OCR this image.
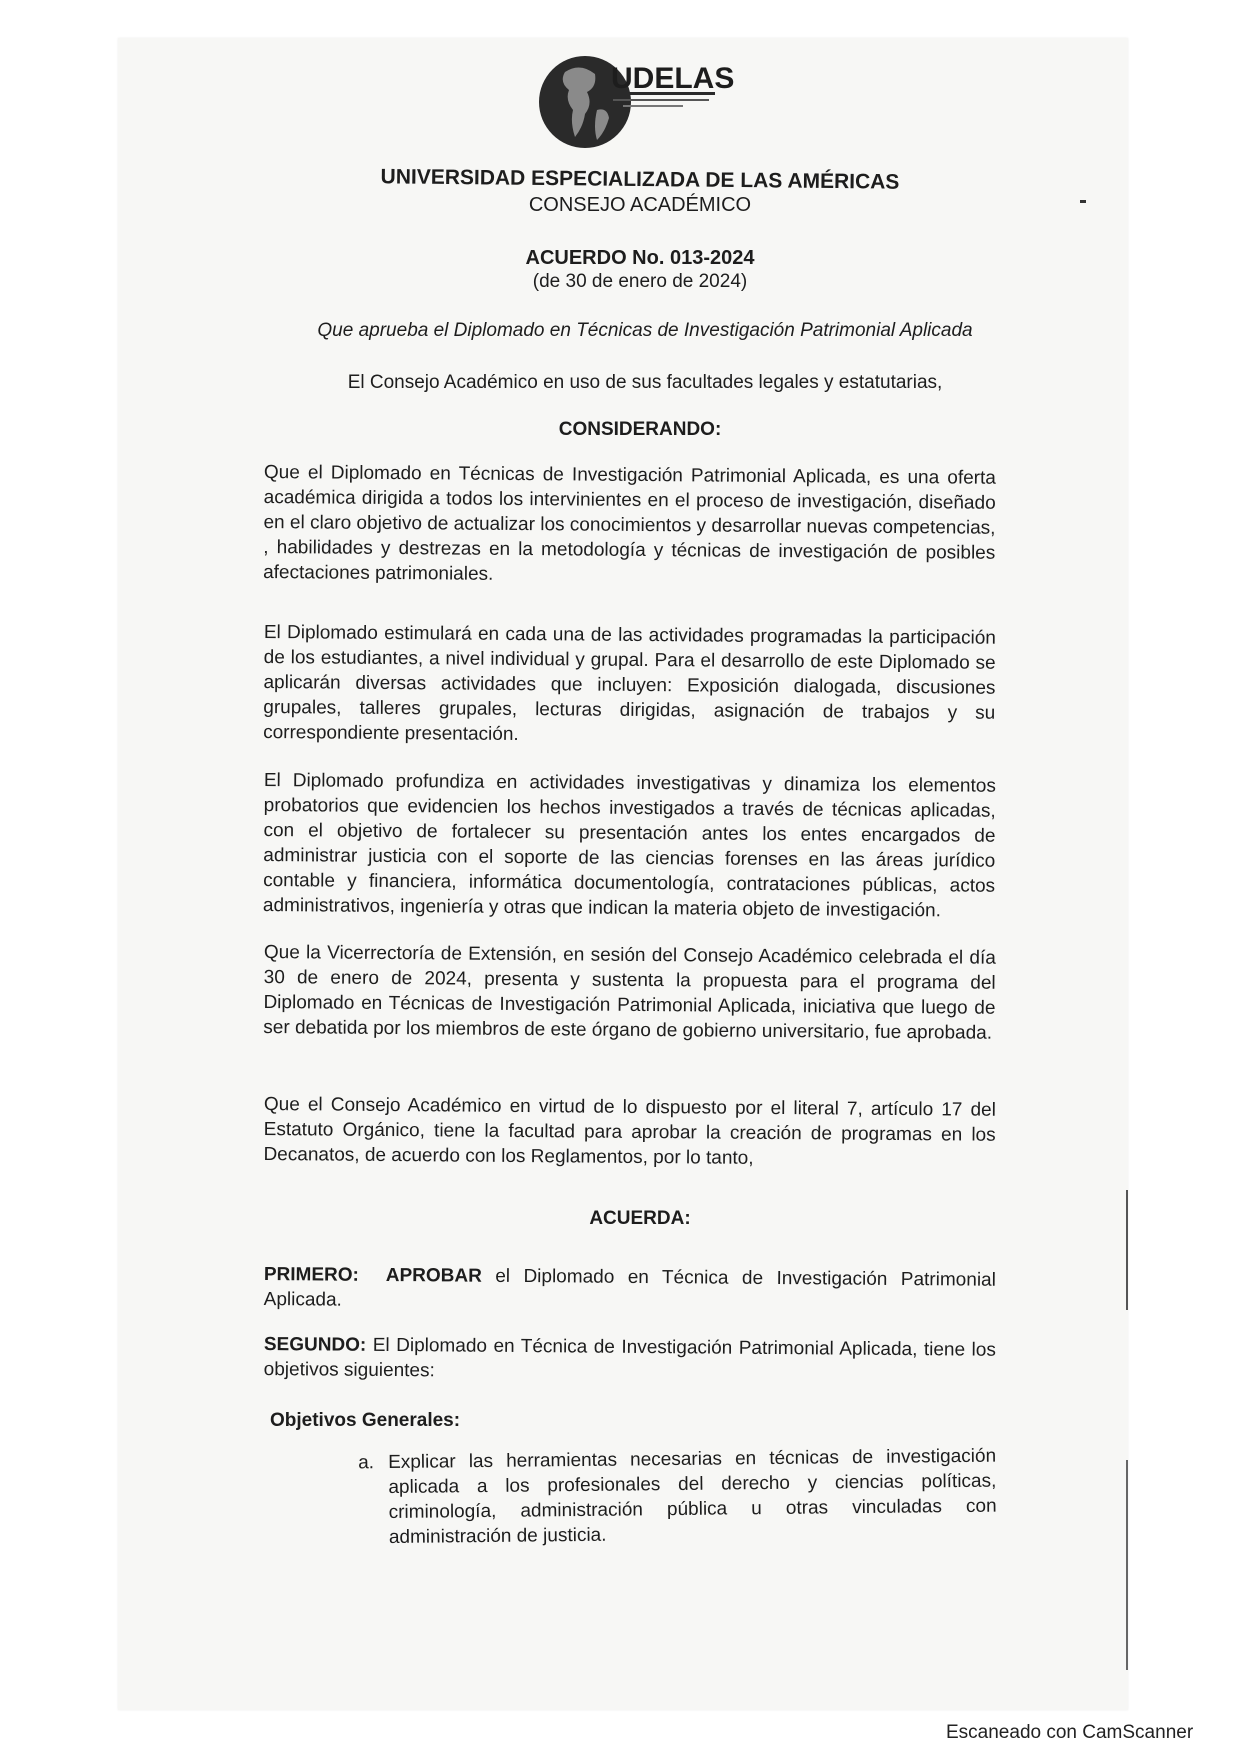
UDELAS
UNIVERSIDAD ESPECIALIZADA DE LAS AMÉRICAS
CONSEJO ACADÉMICO
ACUERDO No. 013-2024
(de 30 de enero de 2024)
Que aprueba el Diplomado en Técnicas de Investigación Patrimonial Aplicada
El Consejo Académico en uso de sus facultades legales y estatutarias,
CONSIDERANDO:
Que el Diplomado en Técnicas de Investigación Patrimonial Aplicada, es una oferta académica dirigida a todos los intervinientes en el proceso de investigación, diseñado en el claro objetivo de actualizar los conocimientos y desarrollar nuevas competencias, , habilidades y destrezas en la metodología y técnicas de investigación de posibles afectaciones patrimoniales.
El Diplomado estimulará en cada una de las actividades programadas la participación de los estudiantes, a nivel individual y grupal. Para el desarrollo de este Diplomado se aplicarán diversas actividades que incluyen: Exposición dialogada, discusiones grupales, talleres grupales, lecturas dirigidas, asignación de trabajos y su correspondiente presentación.
El Diplomado profundiza en actividades investigativas y dinamiza los elementos probatorios que evidencien los hechos investigados a través de técnicas aplicadas, con el objetivo de fortalecer su presentación antes los entes encargados de administrar justicia con el soporte de las ciencias forenses en las áreas jurídico contable y financiera, informática documentología, contrataciones públicas, actos administrativos, ingeniería y otras que indican la materia objeto de investigación.
Que la Vicerrectoría de Extensión, en sesión del Consejo Académico celebrada el día 30 de enero de 2024, presenta y sustenta la propuesta para el programa del Diplomado en Técnicas de Investigación Patrimonial Aplicada, iniciativa que luego de ser debatida por los miembros de este órgano de gobierno universitario, fue aprobada.
Que el Consejo Académico en virtud de lo dispuesto por el literal 7, artículo 17 del Estatuto Orgánico, tiene la facultad para aprobar la creación de programas en los Decanatos, de acuerdo con los Reglamentos, por lo tanto,
ACUERDA:
PRIMERO: APROBAR el Diplomado en Técnica de Investigación Patrimonial Aplicada.
SEGUNDO: El Diplomado en Técnica de Investigación Patrimonial Aplicada, tiene los objetivos siguientes:
Objetivos Generales:
a. Explicar las herramientas necesarias en técnicas de investigación aplicada a los profesionales del derecho y ciencias políticas, criminología, administración pública u otras vinculadas con administración de justicia.
Escaneado con CamScanner
